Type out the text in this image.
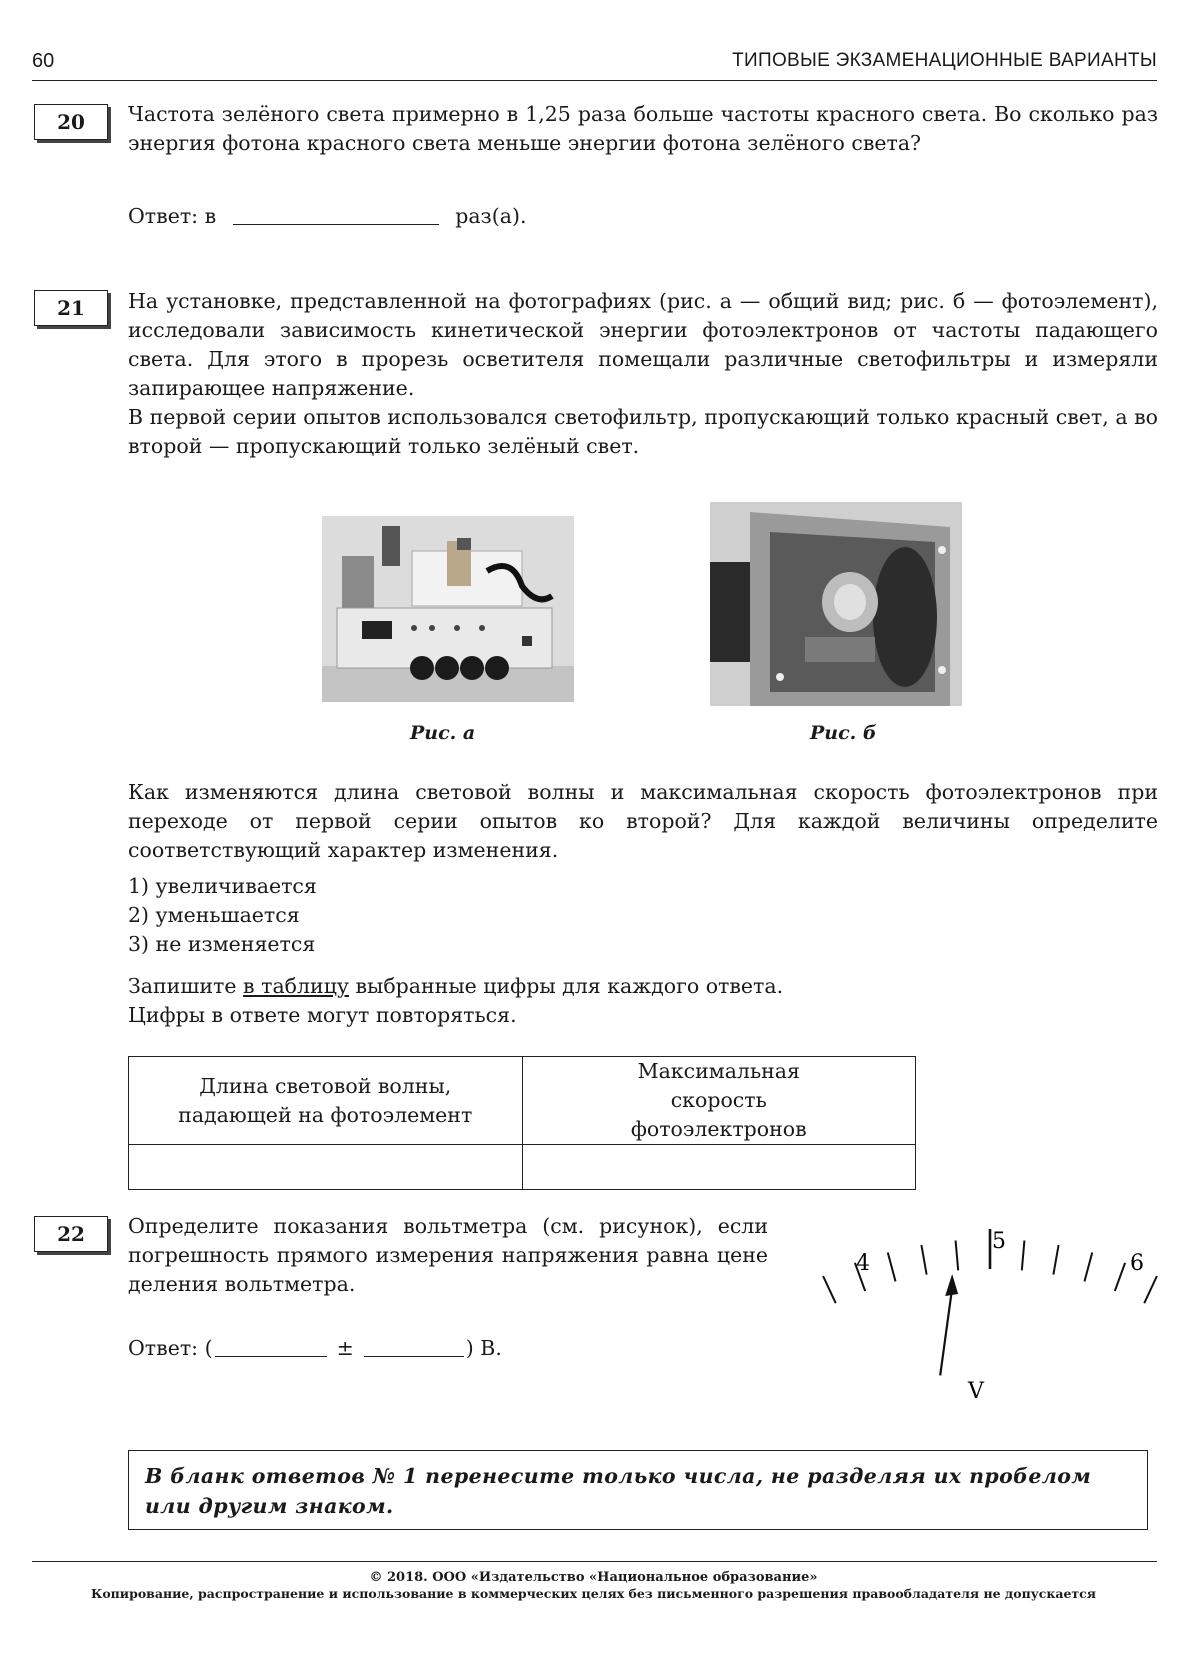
60	ТИПОВЫЕ ЭКЗАМЕНАЦИОННЫЕ ВАРИАНТЫ
20	Частота зелёного света примерно в 1,25 раза больше частоты красного света. Во сколько раз энергия фотона красного света меньше энергии фотона зелёного света?

Ответ: в	раз(а).
21	На установке, представленной на фотографиях (рис. а — общий вид; рис. б — фотоэлемент), исследовали зависимость кинетической энергии фотоэлектронов от частоты падающего света. Для этого в прорезь осветителя помещали различные светофильтры и измеряли запирающее напряжение.

В первой серии опытов использовался светофильтр, пропускающий только красный свет, а во второй — пропускающий только зелёный свет.

Рис. а	Рис. б

Как изменяются длина световой волны и максимальная скорость фотоэлектронов при переходе от первой серии опытов ко второй? Для каждой величины определите соответствующий характер изменения.

1) увеличивается
2) уменьшается
3) не изменяется
Запишите в таблицу выбранные цифры для каждого ответа.
Цифры в ответе могут повторяться.
Длина световой волны, падающей на фотоэлемент	Максимальная скорость фотоэлектронов

22	Определите показания вольтметра (см. рисунок), если погрешность прямого измерения напряжения равна цене деления вольтметра.

Ответ: (	±	) В.
4
5
6
V
В бланк ответов № 1 перенесите только числа, не разделяя их пробелом или другим знаком.
© 2018. ООО «Издательство «Национальное образование»
Копирование, распространение и использование в коммерческих целях без письменного разрешения правообладателя не допускается
